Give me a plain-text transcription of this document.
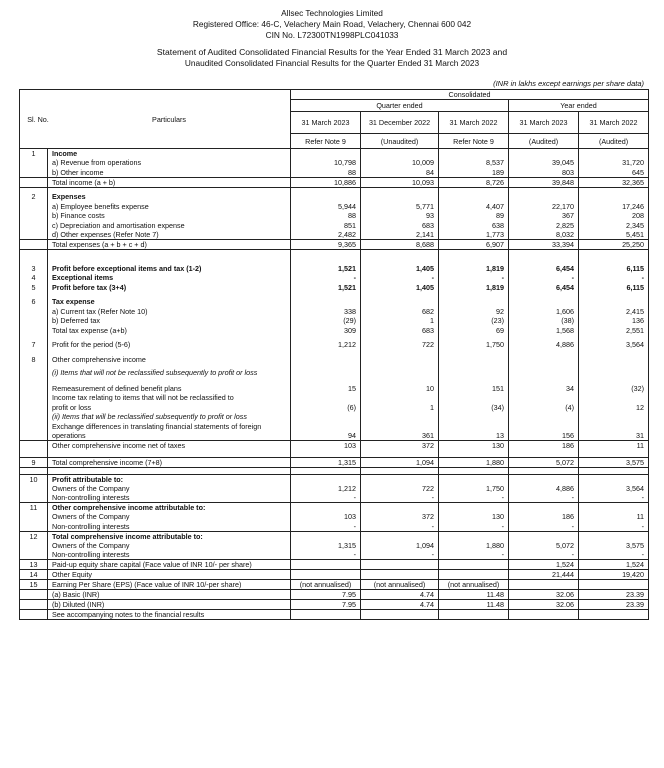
Allsec Technologies Limited
Registered Office: 46-C, Velachery Main Road, Velachery, Chennai 600 042
CIN No. L72300TN1998PLC041033
Statement of Audited Consolidated Financial Results for the Year Ended 31 March 2023 and
Unaudited Consolidated Financial Results for the Quarter Ended 31 March 2023
(INR in lakhs except earnings per share data)
Sl. No. Particulars		Consolidated				
		Quarter ended			Year ended	
		31 March 2023	31 December 2022	31 March 2022	31 March 2023	31 March 2022
		Refer Note 9	(Unaudited)	Refer Note 9	(Audited)	(Audited)
1	Income					
	a) Revenue from operations	10,798	10,009	8,537	39,045	31,720
	b) Other income	88	84	189	803	645
	Total income (a + b)	10,886	10,093	8,726	39,848	32,365

2	Expenses					
	a) Employee benefits expense	5,944	5,771	4,407	22,170	17,246
	b) Finance costs	88	93	89	367	208
	c) Depreciation and amortisation expense	851	683	638	2,825	2,345
	d) Other expenses (Refer Note 7)	2,482	2,141	1,773	8,032	5,451
	Total expenses (a + b + c + d)	9,365	8,688	6,907	33,394	25,250

3	Profit before exceptional items and tax (1-2)	1,521	1,405	1,819	6,454	6,115
4	Exceptional items	-	-	-	-	-
5	Profit before tax (3+4)	1,521	1,405	1,819	6,454	6,115

6	Tax expense					
	a) Current tax (Refer Note 10)	338	682	92	1,606	2,415
	b) Deferred tax	(29)	1	(23)	(38)	136
	Total tax expense (a+b)	309	683	69	1,568	2,551

7	Profit for the period (5-6)	1,212	722	1,750	4,886	3,564

8	Other comprehensive income					

	(i) Items that will not be reclassified subsequently to profit or loss					

	Remeasurement of defined benefit plans	15	10	151	34	(32)
	Income tax relating to items that will not be reclassified to					
	profit or loss	(6)	1	(34)	(4)	12
	(ii) Items that will be reclassified subsequently to profit or loss					
	Exchange differences in translating financial statements of foreign					
	operations	94	361	13	156	31
	Other comprehensive income net of taxes	103	372	130	186	11

9	Total comprehensive income (7+8)	1,315	1,094	1,880	5,072	3,575

10	Profit attributable to:					
	Owners of the Company	1,212	722	1,750	4,886	3,564
	Non-controlling interests	-	-	-	-	-
11	Other comprehensive income attributable to:					
	Owners of the Company	103	372	130	186	11
	Non-controlling interests	-	-	-	-	-
12	Total comprehensive income attributable to:					
	Owners of the Company	1,315	1,094	1,880	5,072	3,575
	Non-controlling interests	-	-	-	-	-
13	Paid-up equity share capital (Face value of INR 10/- per share)				1,524	1,524
14	Other Equity				21,444	19,420
15	Earning Per Share (EPS) (Face value of INR 10/-per share)	(not annualised)	(not annualised)	(not annualised)		
	(a) Basic (INR)	7.95	4.74	11.48	32.06	23.39
	(b) Diluted (INR)	7.95	4.74	11.48	32.06	23.39
	See accompanying notes to the financial results					
